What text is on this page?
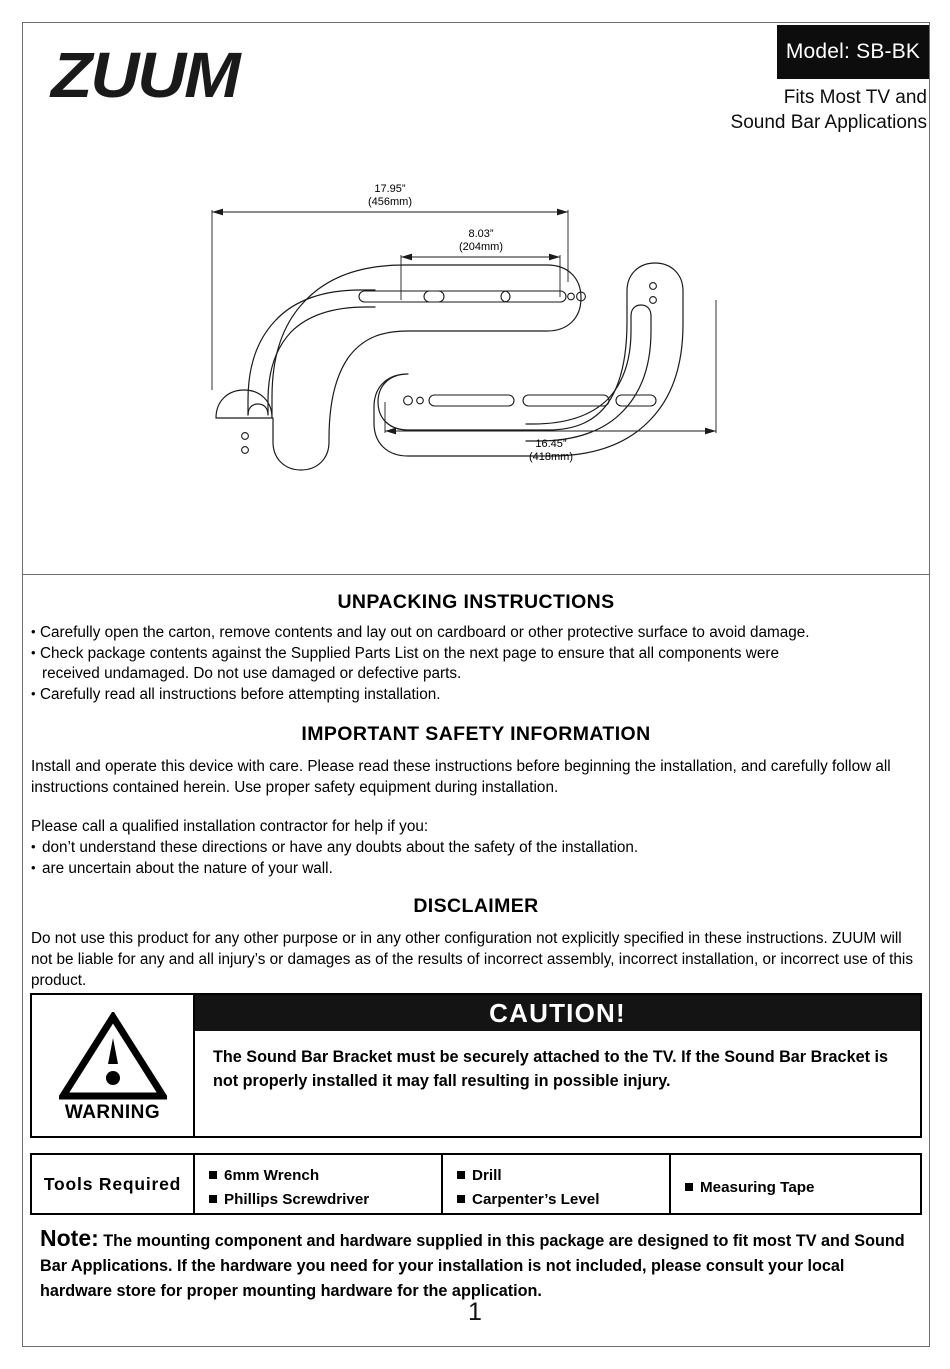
ZUUM	Model: SB-BK
Fits Most TV and
Sound Bar Applications
17.95”
(456mm)
8.03”
(204mm)
16.45”
(418mm)
UNPACKING INSTRUCTIONS
• Carefully open the carton, remove contents and lay out on cardboard or other protective surface to avoid damage.
• Check package contents against the Supplied Parts List on the next page to ensure that all components were
received undamaged. Do not use damaged or defective parts.
• Carefully read all instructions before attempting installation.
IMPORTANT SAFETY INFORMATION
Install and operate this device with care. Please read these instructions before beginning the installation, and carefully follow all instructions contained herein. Use proper safety equipment during installation.
Please call a qualified installation contractor for help if you:
• don’t understand these directions or have any doubts about the safety of the installation.
• are uncertain about the nature of your wall.
DISCLAIMER
Do not use this product for any other purpose or in any other configuration not explicitly specified in these instructions. ZUUM will not be liable for any and all injury’s or damages as of the results of incorrect assembly, incorrect installation, or incorrect use of this product.
WARNING
CAUTION!
The Sound Bar Bracket must be securely attached to the TV. If the Sound Bar Bracket is not properly installed it may fall resulting in possible injury.
Tools Required	6mm Wrench
Phillips Screwdriver
Drill
Carpenter’s Level
Measuring Tape
Note: The mounting component and hardware supplied in this package are designed to fit most TV and Sound Bar Applications. If the hardware you need for your installation is not included, please consult your local hardware store for proper mounting hardware for the application.
1
